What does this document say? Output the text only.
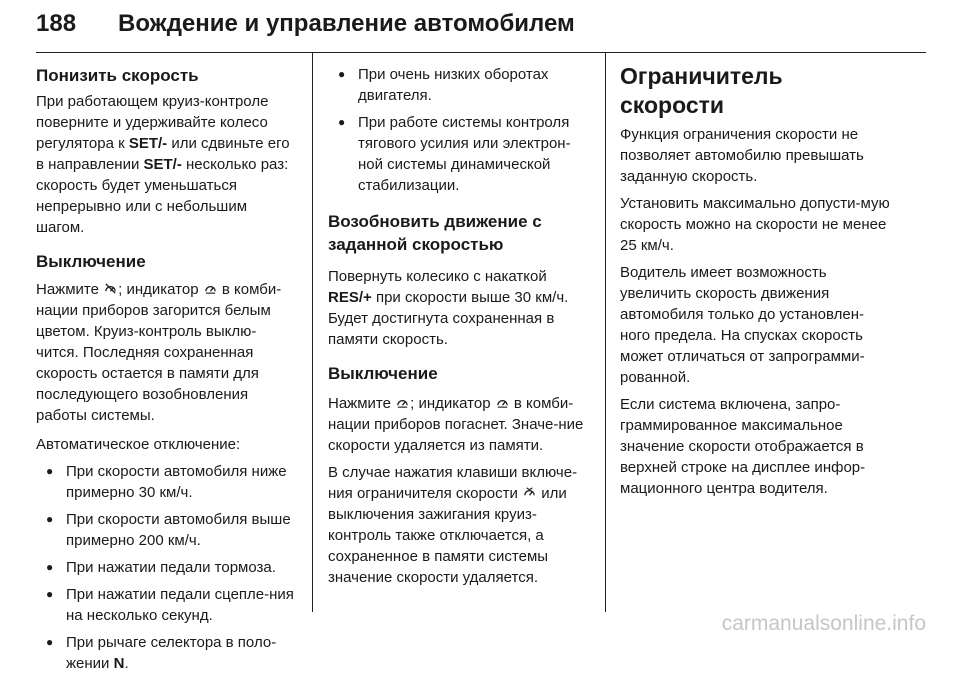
188 Вождение и управление автомобилем
Понизить скорость

При работающем круиз-контроле поверните и удерживайте колесо регулятора к SET/- или сдвиньте его в направлении SET/- несколько раз: скорость будет уменьшаться непрерывно или с небольшим шагом.

Выключение

Нажмите ; индикатор  в комби-нации приборов загорится белым цветом. Круиз-контроль выклю-чится. Последняя сохраненная скорость остается в памяти для последующего возобновления работы системы.

Автоматическое отключение:

● При скорости автомобиля ниже примерно 30 км/ч.
● При скорости автомобиля выше примерно 200 км/ч.
● При нажатии педали тормоза.
● При нажатии педали сцепле-ния на несколько секунд.
● При рычаге селектора в поло-жении N.
● При очень низких оборотах двигателя.
● При работе системы контроля тягового усилия или электрон-ной системы динамической стабилизации.
Возобновить движение с заданной скоростью

Повернуть колесико с накаткой RES/+ при скорости выше 30 км/ч. Будет достигнута сохраненная в памяти скорость.

Выключение

Нажмите ; индикатор  в комби-нации приборов погаснет. Значе-ние скорости удаляется из памяти.

В случае нажатия клавиши включе-ния ограничителя скорости  или выключения зажигания круиз-контроль также отключается, а сохраненное в памяти системы значение скорости удаляется.

Ограничитель скорости

Функция ограничения скорости не позволяет автомобилю превышать заданную скорость.

Установить максимально допусти-мую скорость можно на скорости не менее 25 км/ч.

Водитель имеет возможность увеличить скорость движения автомобиля только до установлен-ного предела. На спусках скорость может отличаться от запрограмми-рованной.

Если система включена, запро-граммированное максимальное значение скорости отображается в верхней строке на дисплее инфор-мационного центра водителя.

carmanualsonline.info
